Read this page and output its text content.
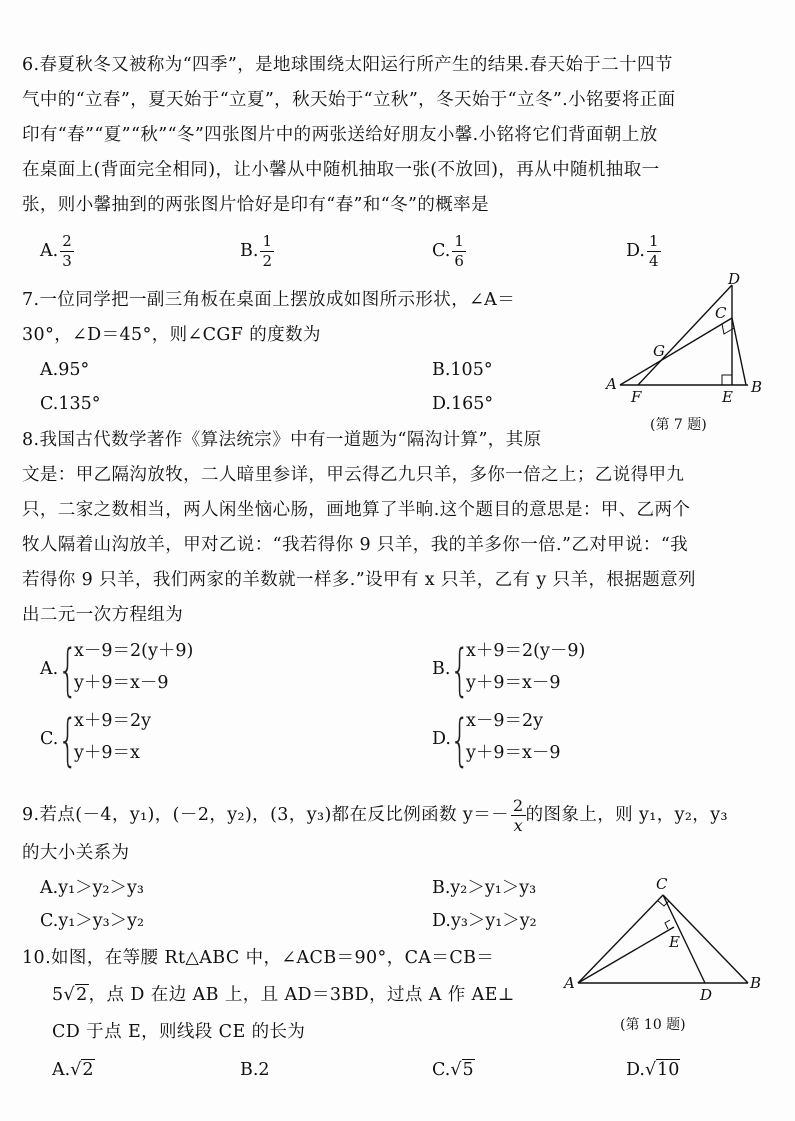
6.春夏秋冬又被称为“四季”，是地球围绕太阳运行所产生的结果.春天始于二十四节
气中的“立春”，夏天始于“立夏”，秋天始于“立秋”，冬天始于“立冬”.小铭要将正面
印有“春”“夏”“秋”“冬”四张图片中的两张送给好朋友小馨.小铭将它们背面朝上放
在桌面上(背面完全相同)，让小馨从中随机抽取一张(不放回)，再从中随机抽取一
张，则小馨抽到的两张图片恰好是印有“春”和“冬”的概率是
A. $\frac{2}{3}$	B. $\frac{1}{2}$	C. $\frac{1}{6}$	D. $\frac{1}{4}$
7.一位同学把一副三角板在桌面上摆放成如图所示形状，∠A＝
30°，∠D＝45°，则∠CGF 的度数为
A.95°	B.105°
C.135°	D.165°
D
C
G
A
F	E
B
(第 7 题)
8.我国古代数学著作《算法统宗》中有一道题为“隔沟计算”，其原
文是：甲乙隔沟放牧，二人暗里参详，甲云得乙九只羊，多你一倍之上；乙说得甲九
只，二家之数相当，两人闲坐恼心肠，画地算了半晌.这个题目的意思是：甲、乙两个
牧人隔着山沟放羊，甲对乙说：“我若得你 9 只羊，我的羊多你一倍.”乙对甲说：“我
若得你 9 只羊，我们两家的羊数就一样多.”设甲有 x 只羊，乙有 y 只羊，根据题意列
出二元一次方程组为
A. {
x－9＝2(y＋9)
y＋9＝x－9
B. {
x＋9＝2(y－9)
y＋9＝x－9
C. {
x＋9＝2y
y＋9＝x
D. {
x－9＝2y
y＋9＝x－9
9.若点(－4，y₁)，(－2，y₂)，(3，y₃)都在反比例函数 $y=- \frac{2}{x}$ 的图象上，则 y₁，y₂，y₃
的大小关系为
A.y₁＞y₂＞y₃	B.y₂＞y₁＞y₃
C.y₁＞y₃＞y₂	D.y₃＞y₁＞y₂
10.如图，在等腰 Rt△ABC 中，∠ACB＝90°，CA＝CB＝
5√2，点 D 在边 AB 上，且 AD＝3BD，过点 A 作 AE⊥
CD 于点 E，则线段 CE 的长为
A.√2	B.2	C.√5	D.√10
C
E
A
D
B
(第 10 题)
